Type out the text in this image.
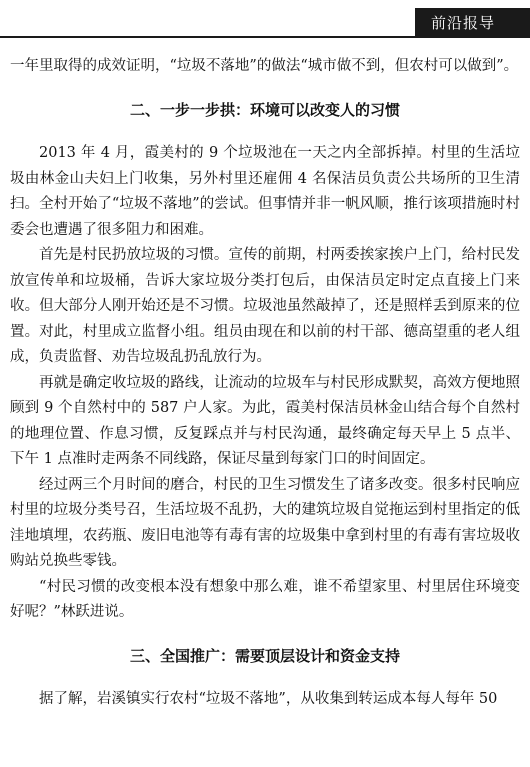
前沿报导

一年里取得的成效证明，“垃圾不落地”的做法“城市做不到，但农村可以做到”。

二、一步一步拱：环境可以改变人的习惯

2013 年 4 月，霞美村的 9 个垃圾池在一天之内全部拆掉。村里的生活垃圾由林金山夫妇上门收集，另外村里还雇佣 4 名保洁员负责公共场所的卫生清扫。全村开始了“垃圾不落地”的尝试。但事情并非一帆风顺，推行该项措施时村委会也遭遇了很多阻力和困难。

首先是村民扔放垃圾的习惯。宣传的前期，村两委挨家挨户上门，给村民发放宣传单和垃圾桶，告诉大家垃圾分类打包后，由保洁员定时定点直接上门来收。但大部分人刚开始还是不习惯。垃圾池虽然敲掉了，还是照样丢到原来的位置。对此，村里成立监督小组。组员由现在和以前的村干部、德高望重的老人组成，负责监督、劝告垃圾乱扔乱放行为。

再就是确定收垃圾的路线，让流动的垃圾车与村民形成默契，高效方便地照顾到 9 个自然村中的 587 户人家。为此，霞美村保洁员林金山结合每个自然村的地理位置、作息习惯，反复踩点并与村民沟通，最终确定每天早上 5 点半、下午 1 点准时走两条不同线路，保证尽量到每家门口的时间固定。

经过两三个月时间的磨合，村民的卫生习惯发生了诸多改变。很多村民响应村里的垃圾分类号召，生活垃圾不乱扔，大的建筑垃圾自觉拖运到村里指定的低洼地填埋，农药瓶、废旧电池等有毒有害的垃圾集中拿到村里的有毒有害垃圾收购站兑换些零钱。

“村民习惯的改变根本没有想象中那么难，谁不希望家里、村里居住环境变好呢？”林跃进说。

三、全国推广：需要顶层设计和资金支持

据了解，岩溪镇实行农村“垃圾不落地”，从收集到转运成本每人每年 50
